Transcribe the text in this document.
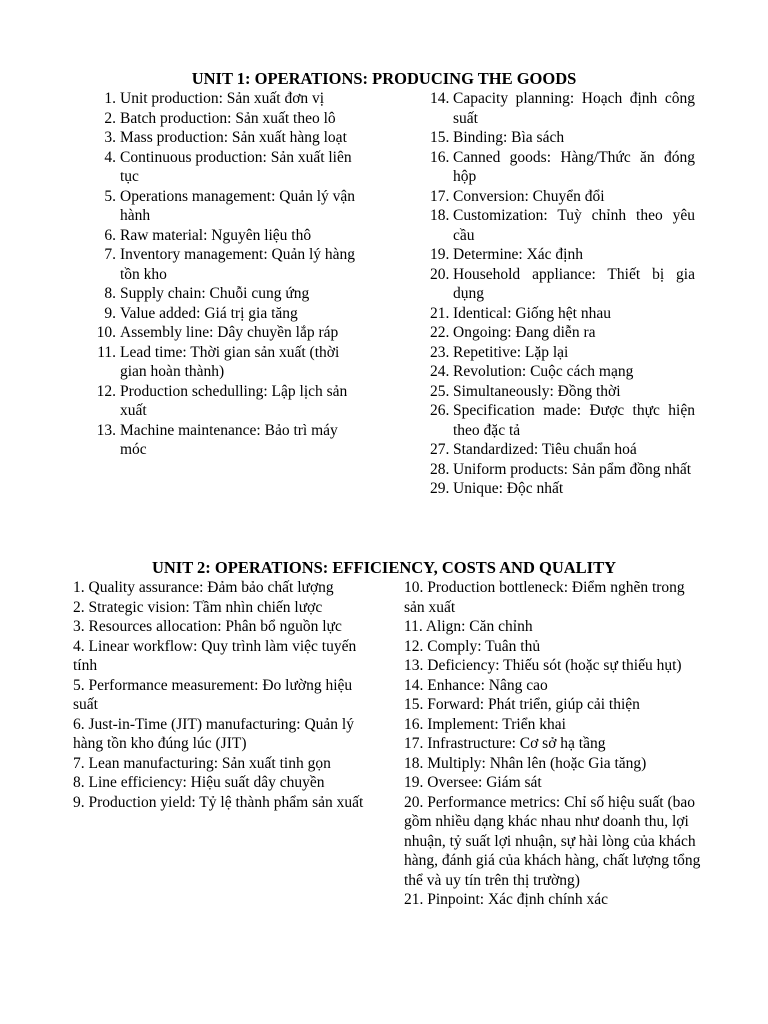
UNIT 1: OPERATIONS: PRODUCING THE GOODS
1. Unit production: Sản xuất đơn vị
2. Batch production: Sản xuất theo lô
3. Mass production: Sản xuất hàng loạt
4. Continuous production: Sản xuất liên tục
5. Operations management: Quản lý vận hành
6. Raw material: Nguyên liệu thô
7. Inventory management: Quản lý hàng tồn kho
8. Supply chain: Chuỗi cung ứng
9. Value added: Giá trị gia tăng
10. Assembly line: Dây chuyền lắp ráp
11. Lead time: Thời gian sản xuất (thời gian hoàn thành)
12. Production schedulling: Lập lịch sản xuất
13. Machine maintenance: Bảo trì máy móc
14. Capacity planning: Hoạch định công suất
15. Binding: Bìa sách
16. Canned goods: Hàng/Thức ăn đóng hộp
17. Conversion: Chuyển đổi
18. Customization: Tuỳ chỉnh theo yêu cầu
19. Determine: Xác định
20. Household appliance: Thiết bị gia dụng
21. Identical: Giống hệt nhau
22. Ongoing: Đang diễn ra
23. Repetitive: Lặp lại
24. Revolution: Cuộc cách mạng
25. Simultaneously: Đồng thời
26. Specification made: Được thực hiện theo đặc tả
27. Standardized: Tiêu chuẩn hoá
28. Uniform products: Sản pẩm đồng nhất
29. Unique: Độc nhất
UNIT 2: OPERATIONS: EFFICIENCY, COSTS AND QUALITY
1. Quality assurance: Đảm bảo chất lượng
2. Strategic vision: Tầm nhìn chiến lược
3. Resources allocation: Phân bổ nguồn lực
4. Linear workflow: Quy trình làm việc tuyến tính
5. Performance measurement: Đo lường hiệu suất
6. Just-in-Time (JIT) manufacturing: Quản lý hàng tồn kho đúng lúc (JIT)
7. Lean manufacturing: Sản xuất tinh gọn
8. Line efficiency: Hiệu suất dây chuyền
9. Production yield: Tỷ lệ thành phẩm sản xuất
10. Production bottleneck: Điểm nghẽn trong sản xuất
11. Align: Căn chỉnh
12. Comply: Tuân thủ
13. Deficiency: Thiếu sót (hoặc sự thiếu hụt)
14. Enhance: Nâng cao
15. Forward: Phát triển, giúp cải thiện
16. Implement: Triển khai
17. Infrastructure: Cơ sở hạ tầng
18. Multiply: Nhân lên (hoặc Gia tăng)
19. Oversee: Giám sát
20. Performance metrics: Chỉ số hiệu suất (bao gồm nhiều dạng khác nhau như doanh thu, lợi nhuận, tỷ suất lợi nhuận, sự hài lòng của khách hàng, đánh giá của khách hàng, chất lượng tổng thể và uy tín trên thị trường)
21. Pinpoint: Xác định chính xác
